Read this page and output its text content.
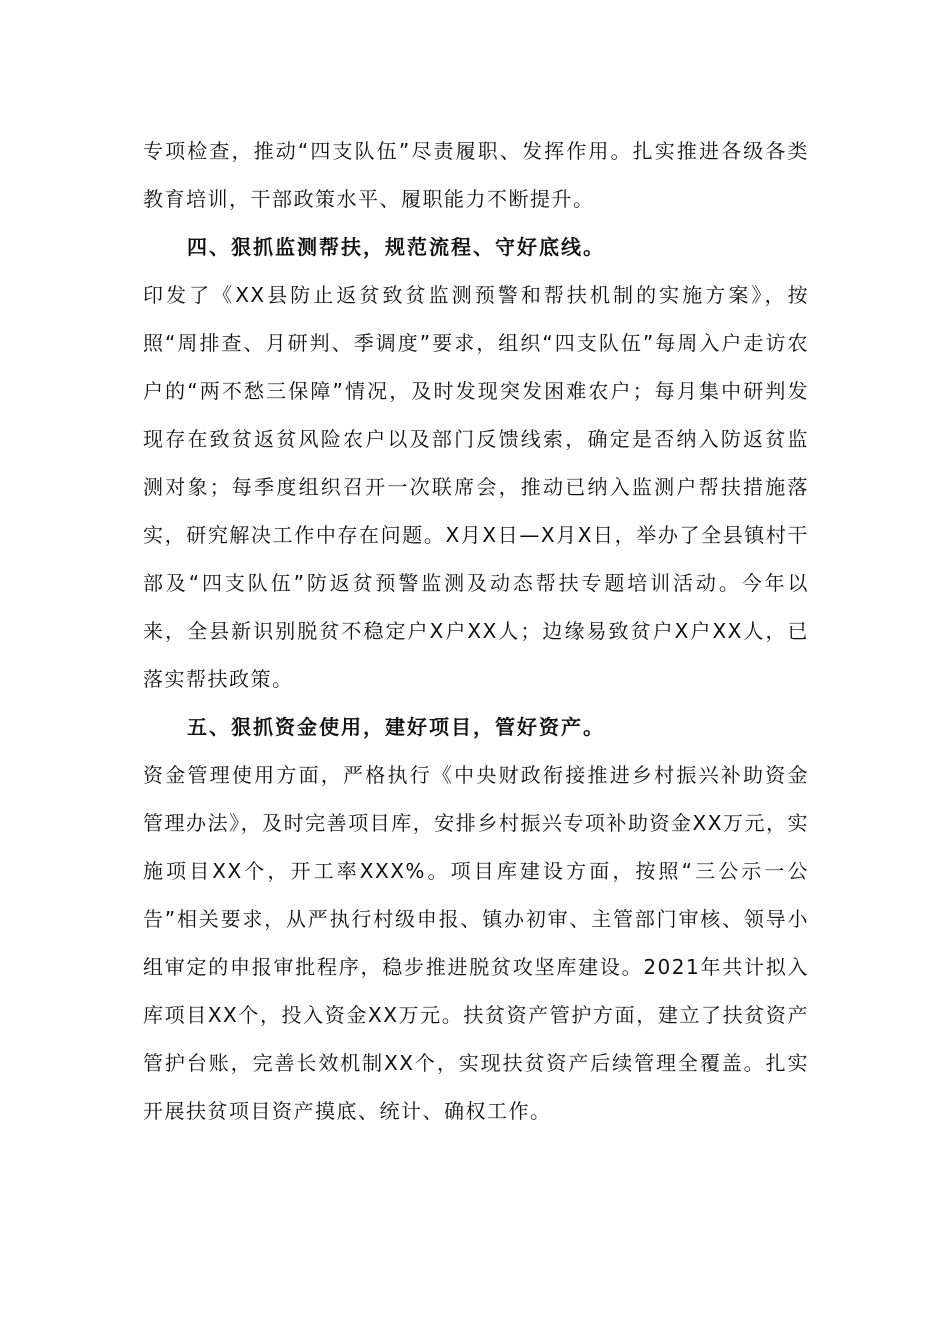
专项检查，推动“四支队伍”尽责履职、发挥作用。扎实推进各级各类教育培训，干部政策水平、履职能力不断提升。

四、狠抓监测帮扶，规范流程、守好底线。

印发了《XX县防止返贫致贫监测预警和帮扶机制的实施方案》，按照“周排查、月研判、季调度”要求，组织“四支队伍”每周入户走访农户的“两不愁三保障”情况，及时发现突发困难农户；每月集中研判发现存在致贫返贫风险农户以及部门反馈线索，确定是否纳入防返贫监测对象；每季度组织召开一次联席会，推动已纳入监测户帮扶措施落实，研究解决工作中存在问题。X月X日—X月X日，举办了全县镇村干部及“四支队伍”防返贫预警监测及动态帮扶专题培训活动。今年以来，全县新识别脱贫不稳定户X户XX人；边缘易致贫户X户XX人，已落实帮扶政策。

五、狠抓资金使用，建好项目，管好资产。

资金管理使用方面，严格执行《中央财政衔接推进乡村振兴补助资金管理办法》，及时完善项目库，安排乡村振兴专项补助资金XX万元，实施项目XX个，开工率XXX%。项目库建设方面，按照“三公示一公告”相关要求，从严执行村级申报、镇办初审、主管部门审核、领导小组审定的申报审批程序，稳步推进脱贫攻坚库建设。2021年共计拟入库项目XX个，投入资金XX万元。扶贫资产管护方面，建立了扶贫资产管护台账，完善长效机制XX个，实现扶贫资产后续管理全覆盖。扎实开展扶贫项目资产摸底、统计、确权工作。
